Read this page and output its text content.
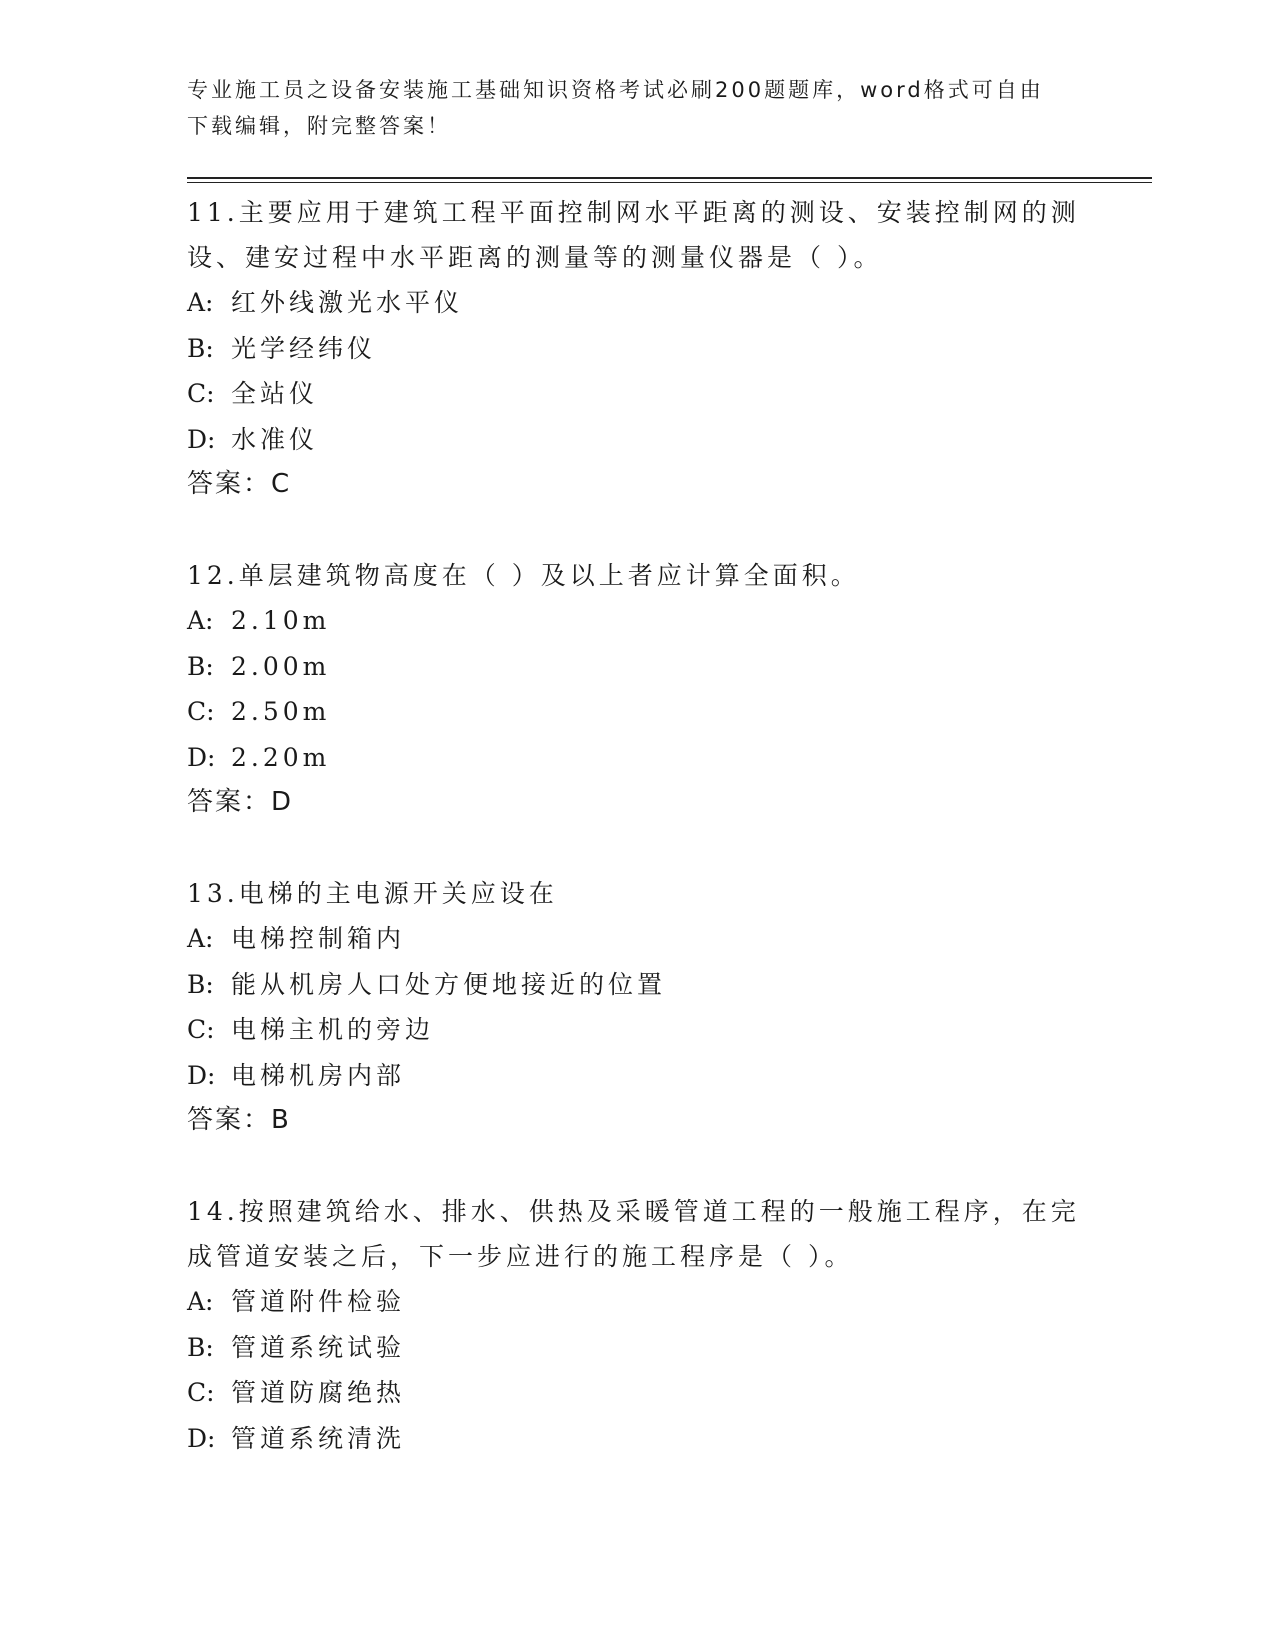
专业施工员之设备安装施工基础知识资格考试必刷200题题库，word格式可自由下载编辑，附完整答案！

11.主要应用于建筑工程平面控制网水平距离的测设、安装控制网的测设、建安过程中水平距离的测量等的测量仪器是（ ）。

A: 红外线激光水平仪
B: 光学经纬仪
C: 全站仪
D: 水准仪
答案：C

12.单层建筑物高度在（ ）及以上者应计算全面积。

A: 2.10m
B: 2.00m
C: 2.50m
D: 2.20m
答案：D

13.电梯的主电源开关应设在

A: 电梯控制箱内
B: 能从机房人口处方便地接近的位置
C: 电梯主机的旁边
D: 电梯机房内部
答案：B

14.按照建筑给水、排水、供热及采暖管道工程的一般施工程序，在完成管道安装之后，下一步应进行的施工程序是（ ）。

A: 管道附件检验
B: 管道系统试验
C: 管道防腐绝热
D: 管道系统清洗
